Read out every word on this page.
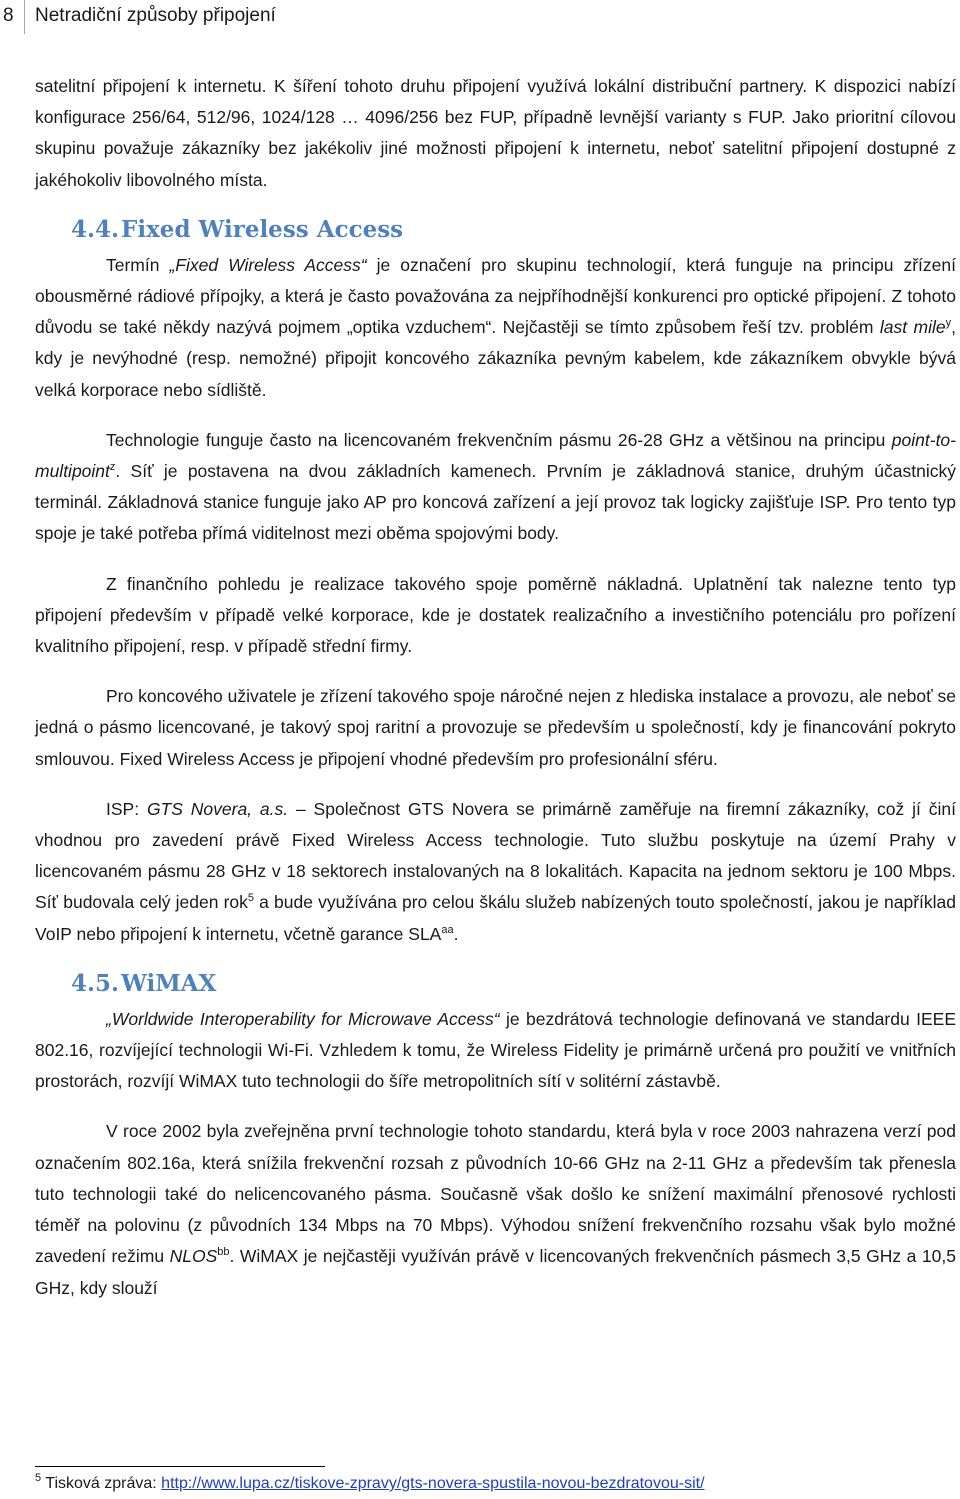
8 Netradiční způsoby připojení

satelitní připojení k internetu. K šíření tohoto druhu připojení využívá lokální distribuční partnery. K dispozici nabízí konfigurace 256/64, 512/96, 1024/128 … 4096/256 bez FUP, případně levnější varianty s FUP. Jako prioritní cílovou skupinu považuje zákazníky bez jakékoliv jiné možnosti připojení k internetu, neboť satelitní připojení dostupné z jakéhokoliv libovolného místa.

4.4.Fixed Wireless Access

Termín „Fixed Wireless Access“ je označení pro skupinu technologií, která funguje na principu zřízení obousměrné rádiové přípojky, a která je často považována za nejpříhodnější konkurenci pro optické připojení. Z tohoto důvodu se také někdy nazývá pojmem „optika vzduchem“. Nejčastěji se tímto způsobem řeší tzv. problém last mile$^y$, kdy je nevýhodné (resp. nemožné) připojit koncového zákazníka pevným kabelem, kde zákazníkem obvykle bývá velká korporace nebo sídliště.

Technologie funguje často na licencovaném frekvenčním pásmu 26-28 GHz a většinou na principu point-to-multipoint$^z$. Síť je postavena na dvou základních kamenech. Prvním je základnová stanice, druhým účastnický terminál. Základnová stanice funguje jako AP pro koncová zařízení a její provoz tak logicky zajišťuje ISP. Pro tento typ spoje je také potřeba přímá viditelnost mezi oběma spojovými body.

Z finančního pohledu je realizace takového spoje poměrně nákladná. Uplatnění tak nalezne tento typ připojení především v případě velké korporace, kde je dostatek realizačního a investičního potenciálu pro pořízení kvalitního připojení, resp. v případě střední firmy.

Pro koncového uživatele je zřízení takového spoje náročné nejen z hlediska instalace a provozu, ale neboť se jedná o pásmo licencované, je takový spoj raritní a provozuje se především u společností, kdy je financování pokryto smlouvou. Fixed Wireless Access je připojení vhodné především pro profesionální sféru.

ISP: GTS Novera, a.s. – Společnost GTS Novera se primárně zaměřuje na firemní zákazníky, což jí činí vhodnou pro zavedení právě Fixed Wireless Access technologie. Tuto službu poskytuje na území Prahy v licencovaném pásmu 28 GHz v 18 sektorech instalovaných na 8 lokalitách. Kapacita na jednom sektoru je 100 Mbps. Síť budovala celý jeden rok$^5$ a bude využívána pro celou škálu služeb nabízených touto společností, jakou je například VoIP nebo připojení k internetu, včetně garance $SLA^{aa}$.

4.5.WiMAX

„Worldwide Interoperability for Microwave Access“ je bezdrátová technologie definovaná ve standardu IEEE 802.16, rozvíjející technologii Wi-Fi. Vzhledem k tomu, že Wireless Fidelity je primárně určená pro použití ve vnitřních prostorách, rozvíjí WiMAX tuto technologii do šíře metropolitních sítí v solitérní zástavbě.

V roce 2002 byla zveřejněna první technologie tohoto standardu, která byla v roce 2003 nahrazena verzí pod označením 802.16a, která snížila frekvenční rozsah z původních 10-66 GHz na 2-11 GHz a především tak přenesla tuto technologii také do nelicencovaného pásma. Současně však došlo ke snížení maximální přenosové rychlosti téměř na polovinu (z původních 134 Mbps na 70 Mbps). Výhodou snížení frekvenčního rozsahu však bylo možné zavedení režimu $NLOS^{bb}$. WiMAX je nejčastěji využíván právě v licencovaných frekvenčních pásmech 3,5 GHz a 10,5 GHz, kdy slouží

$^5$ Tisková zpráva: http://www.lupa.cz/tiskove-zpravy/gts-novera-spustila-novou-bezdratovou-sit/
